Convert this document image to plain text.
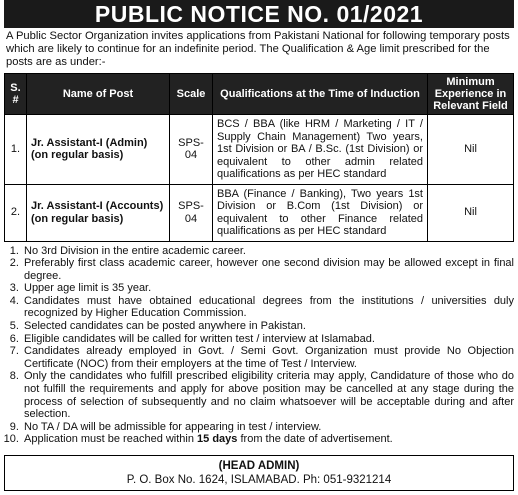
PUBLIC NOTICE NO. 01/2021
A Public Sector Organization invites applications from Pakistani National for following temporary posts which are likely to continue for an indefinite period. The Qualification & Age limit prescribed for the posts are as under:-
S. #	Name of Post	Scale	Qualifications at the Time of Induction	Minimum Experience in Relevant Field
1.	Jr. Assistant-I (Admin) (on regular basis)	SPS-04	BCS / BBA (like HRM / Marketing / IT / Supply Chain Management) Two years, 1st Division or BA / B.Sc. (1st Division) or equivalent to other admin related qualifications as per HEC standard	Nil
2.	Jr. Assistant-I (Accounts) (on regular basis)	SPS-04	BBA (Finance / Banking), Two years 1st Division or B.Com (1st Division) or equivalent to other Finance related qualifications as per HEC standard	Nil
1. No 3rd Division in the entire academic career.
2. Preferably first class academic career, however one second division may be allowed except in final degree.
3. Upper age limit is 35 year.
4. Candidates must have obtained educational degrees from the institutions / universities duly recognized by Higher Education Commission.
5. Selected candidates can be posted anywhere in Pakistan.
6. Eligible candidates will be called for written test / interview at Islamabad.
7. Candidates already employed in Govt. / Semi Govt. Organization must provide No Objection Certificate (NOC) from their employers at the time of Test / Interview.
8. Only the candidates who fulfill prescribed eligibility criteria may apply, Candidature of those who do not fulfill the requirements and apply for above position may be cancelled at any stage during the process of selection of subsequently and no claim whatsoever will be acceptable during and after selection.
9. No TA / DA will be admissible for appearing in test / interview.
10. Application must be reached within 15 days from the date of advertisement.
(HEAD ADMIN)
P. O. Box No. 1624, ISLAMABAD. Ph: 051-9321214
